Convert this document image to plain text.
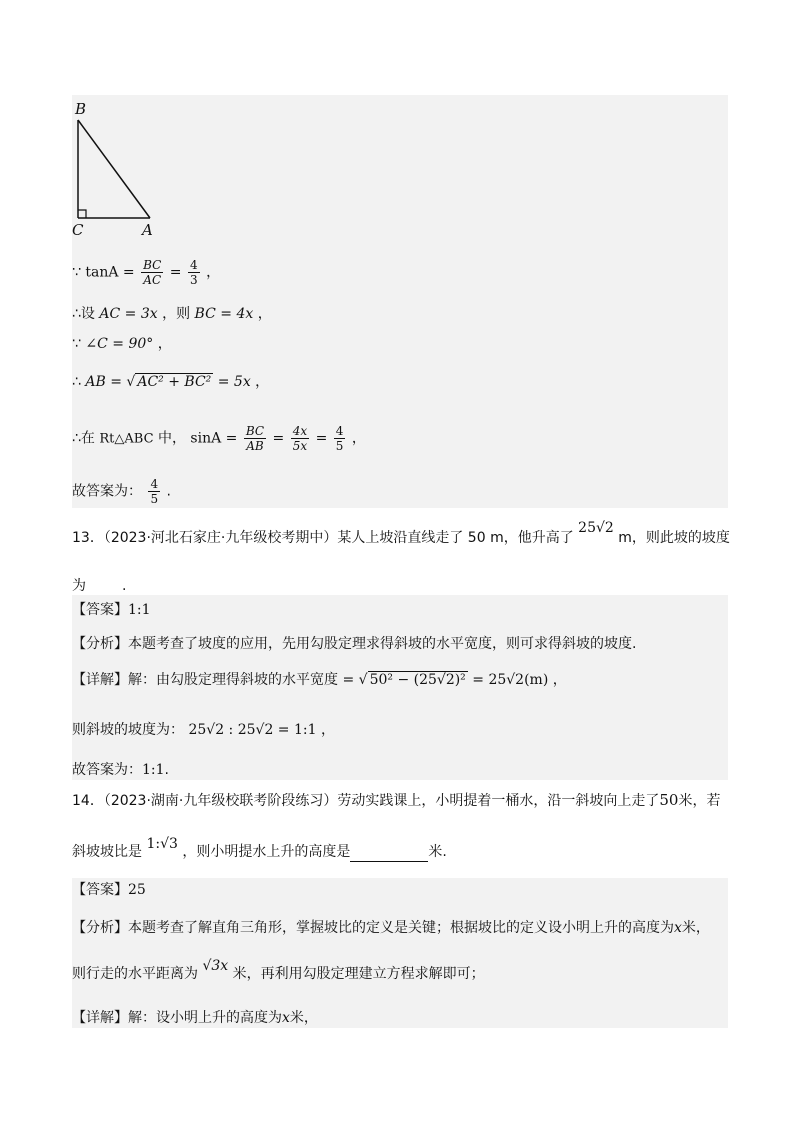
B
C	A
∵ $\tan A = \frac{BC}{AC} = \frac{4}{3}$ ，
∴设 AC = 3x ，则 BC = 4x ，
∵ ∠C = 90° ，
∴ AB = √ AC² + BC² = 5x ，
∴在 Rt△ABC 中， $\sin A = \frac{BC}{AB} = \frac{4x}{5x} = \frac{4}{5}$ ，
故答案为： $\frac{4}{5}$ .
13．（2023·河北石家庄·九年级校考期中）某人上坡沿直线走了 50 m，他升高了 25√2 m，则此坡的坡度
为	.
【答案】1:1
【分析】本题考查了坡度的应用，先用勾股定理求得斜坡的水平宽度，则可求得斜坡的坡度.
【详解】解：由勾股定理得斜坡的水平宽度 = √ 50² − (25√2)² = 25√2(m) ，
则斜坡的坡度为： 25√2 : 25√2 = 1:1 ，
故答案为：1:1.
14．（2023·湖南·九年级校联考阶段练习）劳动实践课上，小明提着一桶水，沿一斜坡向上走了50米，若
斜坡坡比是 1:√3 ，则小明提水上升的高度是	米.
【答案】25
【分析】本题考查了解直角三角形，掌握坡比的定义是关键；根据坡比的定义设小明上升的高度为x米，
则行走的水平距离为 √3x 米，再利用勾股定理建立方程求解即可；
【详解】解：设小明上升的高度为x米，
